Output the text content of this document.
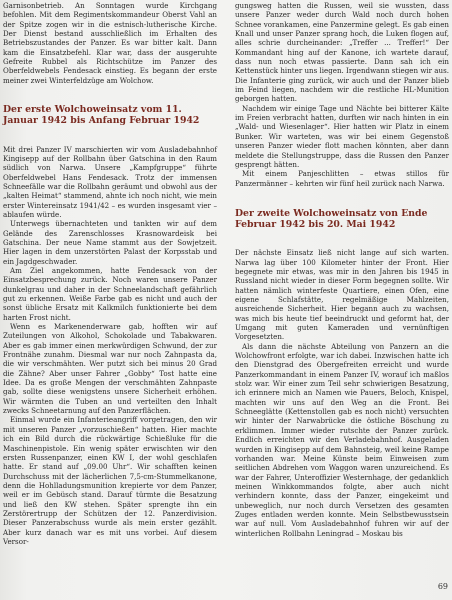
Garnisonbetrieb. An Sonntagen wurde Kirchgang befohlen. Mit dem Regimentskommandeur Oberst Vahl an der Spitze zogen wir in die estnisch-lutherische Kirche. Der Dienst bestand ausschließlich im Erhalten des Betriebszustandes der Panzer. Es war bitter kalt. Dann kam die Einsatzbefehl. Klar war, dass der ausgeruhte Gefreite Rubbel als Richtschütze im Panzer des Oberfeldwebels Fendesack einstieg. Es begann der erste meiner zwei Winterfeldzüge am Wolchow.

Der erste Wolchoweinsatz vom 11. Januar 1942 bis Anfang Februar 1942

Mit drei Panzer IV marschierten wir vom Ausladebahnhof Kingisepp auf der Rollbahn über Gatschina in den Raum südlich von Narwa. Unsere „Kampfgruppe“ führte Oberfeldwebel Hans Fendesack. Trotz der immensen Schneefälle war die Rollbahn geräumt und obwohl aus der „kalten Heimat“ stammend, ahnte ich noch nicht, wie mein erster Wintereinsatz 1941/42 – es wurden insgesamt vier – ablaufen würde.

Unterwegs übernachteten und tankten wir auf dem Gelände des Zarenschlosses Krasnowardeisk bei Gatschina. Der neue Name stammt aus der Sowjetzeit. Hier lagen in dem unzerstörten Palast der Korpsstab und ein Jagdgeschwader.

Am Ziel angekommen, hatte Fendesack von der Einsatzbesprechung zurück. Noch waren unsere Panzer dunkelgrau und daher in der Schneelandschaft gefährlich gut zu erkennen. Weiße Farbe gab es nicht und auch der sonst übliche Ersatz mit Kalkmilch funktionierte bei dem harten Frost nicht.

Wenn es Markenenderware gab, hofften wir auf Zuteilungen von Alkohol, Schokolade und Tabakwaren. Aber es gab immer einen merkwürdigen Schwund, der zur Frontnähe zunahm. Diesmal war nur noch Zahnpasta da, die wir verschmähten. Wer putzt sich bei minus 20 Grad die Zähne? Aber unser Fahrer „Gobby“ Tost hatte eine Idee. Da es große Mengen der verschmähten Zahnpaste gab, sollte diese wenigstens unsere Sicherheit erhöhen. Wir wärmten die Tuben an und verteilten den Inhalt zwecks Schneetarnung auf den Panzerflächen.

Einmal wurde ein Infanterieangriff vorgetragen, den wir mit unseren Panzer „vorzuschießen“ hatten. Hier machte ich ein Bild durch die rückwärtige Schießluke für die Maschinenpistole. Ein wenig später erwischten wir den ersten Russenpanzer, einen KW I, der wohl geschlafen hatte. Er stand auf „09.00 Uhr“. Wir schafften keinen Durchschuss mit der lächerlichen 7,5-cm-Stummelkanone, denn die Hohlladungsmunition krepierte vor dem Panzer, weil er im Gebüsch stand. Darauf türmte die Besatzung und ließ den KW stehen. Später sprengte ihn ein Zerstörertrupp der Schützen der 12. Panzerdivision. Dieser Panzerabschuss wurde als mein erster gezählt. Aber kurz danach war es mit uns vorbei. Auf diesem Versor-

gungsweg hatten die Russen, weil sie wussten, dass unsere Panzer weder durch Wald noch durch hohen Schnee vorankamen, eine Panzermine gelegt. Es gab einen Knall und unser Panzer sprang hoch, die Luken flogen auf, alles schrie durcheinander: „Treffer ... Treffer!“ Der Kommandant hing auf der Kanone, ich wartete darauf, dass nun noch etwas passierte. Dann sah ich ein Kettenstück hinter uns liegen. Irgendwann stiegen wir aus. Die Infanterie ging zurück, wir auch und der Panzer blieb im Feind liegen, nachdem wir die restliche HL-Munition geborgen hatten.

Nachdem wir einige Tage und Nächte bei bitterer Kälte im Freien verbracht hatten, durften wir nach hinten in ein „Wald- und Wiesenlager“. Hier hatten wir Platz in einem Bunker. Wir warteten, was wir bei einem Gegenstoß unseren Panzer wieder flott machen könnten, aber dann meldete die Stellungstruppe, dass die Russen den Panzer gesprengt hätten.

Mit einem Panjeschlitten – etwas stillos für Panzermänner – kehrten wir fünf heil zurück nach Narwa.

Der zweite Wolchoweinsatz von Ende Februar 1942 bis 20. Mai 1942

Der nächste Einsatz ließ nicht lange auf sich warten. Narwa lag über 100 Kilometer hinter der Front. Hier begegnete mir etwas, was mir in den Jahren bis 1945 in Russland nicht wieder in dieser Form begegnen sollte. Wir hatten nämlich winterfeste Quartiere, einen Ofen, eine eigene Schlafstätte, regelmäßige Mahlzeiten, ausreichende Sicherheit. Hier begann auch zu wachsen, was mich bis heute tief beeindruckt und geformt hat, der Umgang mit guten Kameraden und vernünftigen Vorgesetzten.

Als dann die nächste Abteilung von Panzern an die Wolchowfront erfolgte, war ich dabei. Inzwischen hatte ich den Dienstgrad des Obergefreiten erreicht und wurde Panzerkommandant in einem Panzer IV, worauf ich maßlos stolz war. Wir einer zum Teil sehr schwierigen Besatzung, ich erinnere mich an Namen wie Pauers, Beloch, Knispel, machten wir uns auf den Weg an die Front. Bei Schneeglätte (Kettenstollen gab es noch nicht) versuchten wir hinter der Narwabrücke die östliche Böschung zu erklimmen. Immer wieder rutschte der Panzer zurück. Endlich erreichten wir den Verladebahnhof. Ausgeladen wurden in Kingisepp auf dem Bahnsteig, weil keine Rampe vorhanden war. Meine Künste beim Einweisen zum seitlichen Abdrehen vom Waggon waren unzureichend. Es war der Fahrer, Unteroffizier Westernhage, der gedanklich meinen Winkkommandos folgte, aber auch nicht verhindern konnte, dass der Panzer, eingekeimt und unbeweglich, nur noch durch Versetzen des gesamten Zuges entladen werden konnte. Mein Selbstbewusstsein war auf null. Vom Ausladebahnhof fuhren wir auf der winterlichen Rollbahn Leningrad – Moskau bis

69
